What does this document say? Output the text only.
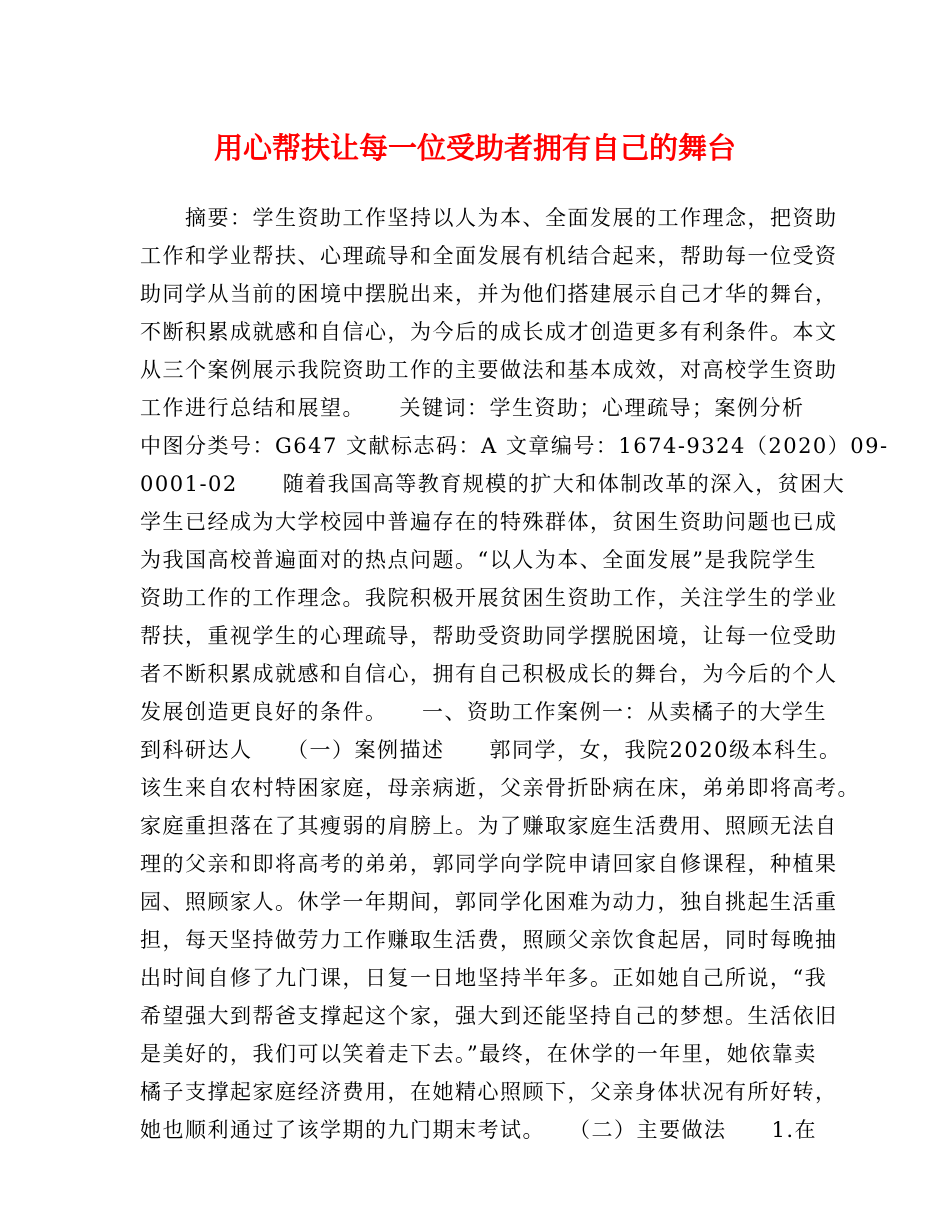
用心帮扶让每一位受助者拥有自己的舞台
　　摘要：学生资助工作坚持以人为本、全面发展的工作理念，把资助
工作和学业帮扶、心理疏导和全面发展有机结合起来，帮助每一位受资
助同学从当前的困境中摆脱出来，并为他们搭建展示自己才华的舞台，
不断积累成就感和自信心，为今后的成长成才创造更多有利条件。本文
从三个案例展示我院资助工作的主要做法和基本成效，对高校学生资助
工作进行总结和展望。　　关键词：学生资助；心理疏导；案例分析
中图分类号：G647 文献标志码：A 文章编号：1674-9324（2020）09-
0001-02　　随着我国高等教育规模的扩大和体制改革的深入，贫困大
学生已经成为大学校园中普遍存在的特殊群体，贫困生资助问题也已成
为我国高校普遍面对的热点问题。“以人为本、全面发展”是我院学生
资助工作的工作理念。我院积极开展贫困生资助工作，关注学生的学业
帮扶，重视学生的心理疏导，帮助受资助同学摆脱困境，让每一位受助
者不断积累成就感和自信心，拥有自己积极成长的舞台，为今后的个人
发展创造更良好的条件。　　一、资助工作案例一：从卖橘子的大学生
到科研达人　　（一）案例描述　　郭同学，女，我院2020级本科生。
该生来自农村特困家庭，母亲病逝，父亲骨折卧病在床，弟弟即将高考。
家庭重担落在了其瘦弱的肩膀上。为了赚取家庭生活费用、照顾无法自
理的父亲和即将高考的弟弟，郭同学向学院申请回家自修课程，种植果
园、照顾家人。休学一年期间，郭同学化困难为动力，独自挑起生活重
担，每天坚持做劳力工作赚取生活费，照顾父亲饮食起居，同时每晚抽
出时间自修了九门课，日复一日地坚持半年多。正如她自己所说，“我
希望强大到帮爸支撑起这个家，强大到还能坚持自己的梦想。生活依旧
是美好的，我们可以笑着走下去。”最终，在休学的一年里，她依靠卖
橘子支撑起家庭经济费用，在她精心照顾下，父亲身体状况有所好转，
她也顺利通过了该学期的九门期末考试。　　（二）主要做法　　1.在
